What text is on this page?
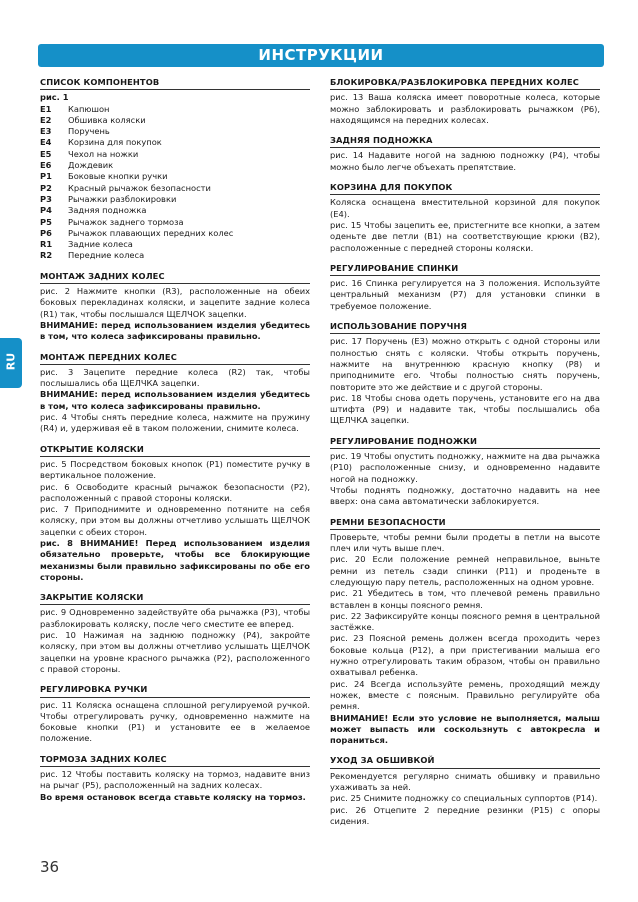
ИНСТРУКЦИИ
RU
СПИСОК КОМПОНЕНТОВ
рис. 1
E1	Капюшон
E2	Обшивка коляски
E3	Поручень
E4	Корзина для покупок
E5	Чехол на ножки
E6	Дождевик
P1	Боковые кнопки ручки
P2	Красный рычажок безопасности
P3	Рычажки разблокировки
P4	Задняя подножка
P5	Рычажок заднего тормоза
P6	Рычажок плавающих передних колес
R1	Задние колеса
R2	Передние колеса
МОНТАЖ ЗАДНИХ КОЛЕС
рис. 2 Нажмите кнопки (R3), расположенные на обеих боковых перекладинах коляски, и зацепите задние колеса (R1) так, чтобы послышался ЩЕЛЧОК зацепки.
ВНИМАНИЕ: перед использованием изделия убедитесь в том, что колеса зафиксированы правильно.
МОНТАЖ ПЕРЕДНИХ КОЛЕС
рис. 3 Зацепите передние колеса (R2) так, чтобы послышались оба ЩЕЛЧКА зацепки.
ВНИМАНИЕ: перед использованием изделия убедитесь в том, что колеса зафиксированы правильно.
рис. 4 Чтобы снять передние колеса, нажмите на пружину (R4) и, удерживая её в таком положении, снимите колеса.
ОТКРЫТИЕ КОЛЯСКИ
рис. 5 Посредством боковых кнопок (P1) поместите ручку в вертикальное положение.
рис. 6 Освободите красный рычажок безопасности (P2), расположенный с правой стороны коляски.
рис. 7 Приподнимите и одновременно потяните на себя коляску, при этом вы должны отчетливо услышать ЩЕЛЧОК зацепки с обеих сторон.
рис. 8 ВНИМАНИЕ! Перед использованием изделия обязательно проверьте, чтобы все блокирующие механизмы были правильно зафиксированы по обе его стороны.
ЗАКРЫТИЕ КОЛЯСКИ
рис. 9 Одновременно задействуйте оба рычажка (P3), чтобы разблокировать коляску, после чего сместите ее вперед.
рис. 10 Нажимая на заднюю подножку (P4), закройте коляску, при этом вы должны отчетливо услышать ЩЕЛЧОК зацепки на уровне красного рычажка (P2), расположенного с правой стороны.
РЕГУЛИРОВКА РУЧКИ
рис. 11 Коляска оснащена сплошной регулируемой ручкой. Чтобы отрегулировать ручку, одновременно нажмите на боковые кнопки (P1) и установите ее в желаемое положение.
ТОРМОЗА ЗАДНИХ КОЛЕС
рис. 12 Чтобы поставить коляску на тормоз, надавите вниз на рычаг (P5), расположенный на задних колесах.
Во время остановок всегда ставьте коляску на тормоз.
БЛОКИРОВКА/РАЗБЛОКИРОВКА ПЕРЕДНИХ КОЛЕС
рис. 13 Ваша коляска имеет поворотные колеса, которые можно заблокировать и разблокировать рычажком (P6), находящимся на передних колесах.
ЗАДНЯЯ ПОДНОЖКА
рис. 14 Надавите ногой на заднюю подножку (P4), чтобы можно было легче объехать препятствие.
КОРЗИНА ДЛЯ ПОКУПОК
Коляска оснащена вместительной корзиной для покупок (E4).
рис. 15 Чтобы зацепить ее, пристегните все кнопки, а затем оденьте две петли (B1) на соответствующие крюки (B2), расположенные с передней стороны коляски.
РЕГУЛИРОВАНИЕ СПИНКИ
рис. 16 Спинка регулируется на 3 положения. Используйте центральный механизм (P7) для установки спинки в требуемое положение.
ИСПОЛЬЗОВАНИЕ ПОРУЧНЯ
рис. 17 Поручень (E3) можно открыть с одной стороны или полностью снять с коляски. Чтобы открыть поручень, нажмите на внутреннюю красную кнопку (P8) и приподнимите его. Чтобы полностью снять поручень, повторите это же действие и с другой стороны.
рис. 18 Чтобы снова одеть поручень, установите его на два штифта (P9) и надавите так, чтобы послышались оба ЩЕЛЧКА зацепки.
РЕГУЛИРОВАНИЕ ПОДНОЖКИ
рис. 19 Чтобы опустить подножку, нажмите на два рычажка (P10) расположенные снизу, и одновременно надавите ногой на подножку.
Чтобы поднять подножку, достаточно надавить на нее вверх: она сама автоматически заблокируется.
РЕМНИ БЕЗОПАСНОСТИ
Проверьте, чтобы ремни были продеты в петли на высоте плеч или чуть выше плеч.
рис. 20 Если положение ремней неправильное, выньте ремни из петель сзади спинки (P11) и проденьте в следующую пару петель, расположенных на одном уровне.
рис. 21 Убедитесь в том, что плечевой ремень правильно вставлен в концы поясного ремня.
рис. 22 Зафиксируйте концы поясного ремня в центральной застёжке.
рис. 23 Поясной ремень должен всегда проходить через боковые кольца (P12), а при пристегивании малыша его нужно отрегулировать таким образом, чтобы он правильно охватывал ребенка.
рис. 24 Всегда используйте ремень, проходящий между ножек, вместе с поясным. Правильно регулируйте оба ремня.
ВНИМАНИЕ! Если это условие не выполняется, малыш может выпасть или соскользнуть с автокресла и пораниться.
УХОД ЗА ОБШИВКОЙ
Рекомендуется регулярно снимать обшивку и правильно ухаживать за ней.
рис. 25 Снимите подножку со специальных суппортов (P14).
рис. 26 Отцепите 2 передние резинки (P15) с опоры сидения.
36
